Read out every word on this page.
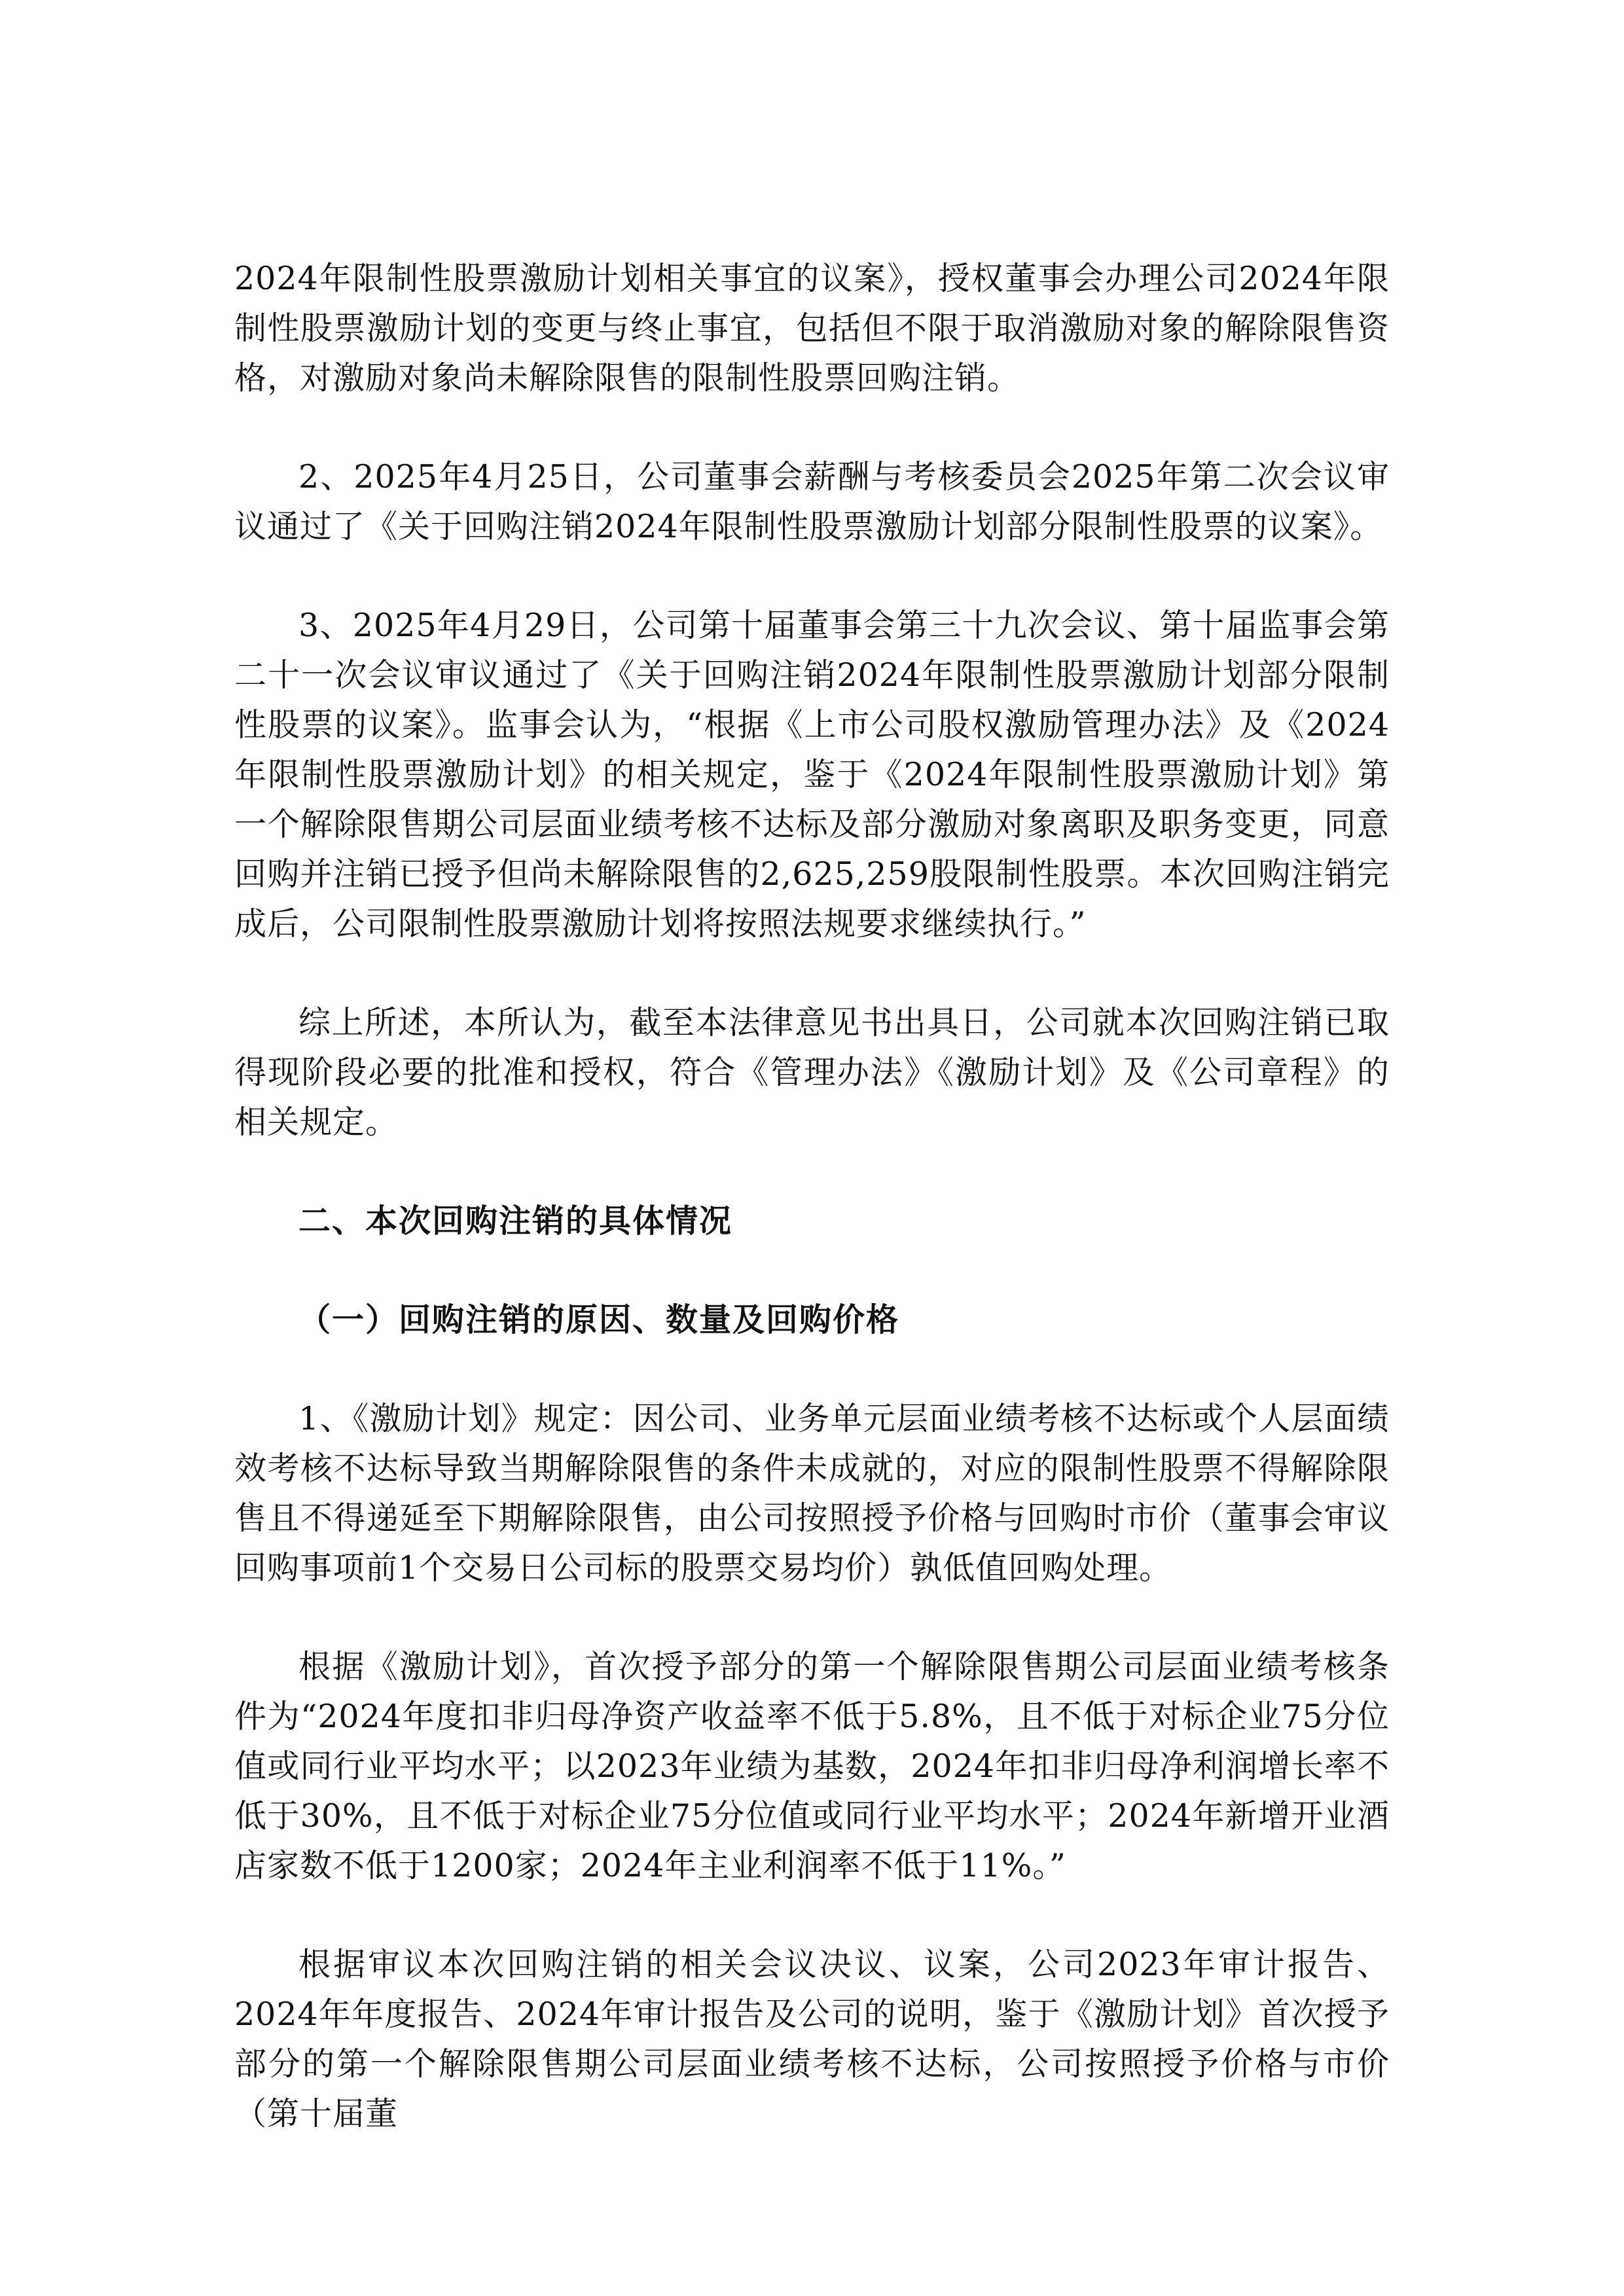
2024年限制性股票激励计划相关事宜的议案》，授权董事会办理公司2024年限制性股票激励计划的变更与终止事宜，包括但不限于取消激励对象的解除限售资格，对激励对象尚未解除限售的限制性股票回购注销。

2、2025年4月25日，公司董事会薪酬与考核委员会2025年第二次会议审议通过了《关于回购注销2024年限制性股票激励计划部分限制性股票的议案》。

3、2025年4月29日，公司第十届董事会第三十九次会议、第十届监事会第二十一次会议审议通过了《关于回购注销2024年限制性股票激励计划部分限制性股票的议案》。监事会认为，“根据《上市公司股权激励管理办法》及《2024年限制性股票激励计划》的相关规定，鉴于《2024年限制性股票激励计划》第一个解除限售期公司层面业绩考核不达标及部分激励对象离职及职务变更，同意回购并注销已授予但尚未解除限售的2,625,259股限制性股票。本次回购注销完成后，公司限制性股票激励计划将按照法规要求继续执行。”

综上所述，本所认为，截至本法律意见书出具日，公司就本次回购注销已取得现阶段必要的批准和授权，符合《管理办法》《激励计划》及《公司章程》的相关规定。

二、本次回购注销的具体情况
（一）回购注销的原因、数量及回购价格

1、《激励计划》规定：因公司、业务单元层面业绩考核不达标或个人层面绩效考核不达标导致当期解除限售的条件未成就的，对应的限制性股票不得解除限售且不得递延至下期解除限售，由公司按照授予价格与回购时市价（董事会审议回购事项前1个交易日公司标的股票交易均价）孰低值回购处理。

根据《激励计划》，首次授予部分的第一个解除限售期公司层面业绩考核条件为“2024年度扣非归母净资产收益率不低于5.8%，且不低于对标企业75分位值或同行业平均水平；以2023年业绩为基数，2024年扣非归母净利润增长率不低于30%，且不低于对标企业75分位值或同行业平均水平；2024年新增开业酒店家数不低于1200家；2024年主业利润率不低于11%。”

根据审议本次回购注销的相关会议决议、议案，公司2023年审计报告、2024年年度报告、2024年审计报告及公司的说明，鉴于《激励计划》首次授予部分的第一个解除限售期公司层面业绩考核不达标，公司按照授予价格与市价（第十届董
